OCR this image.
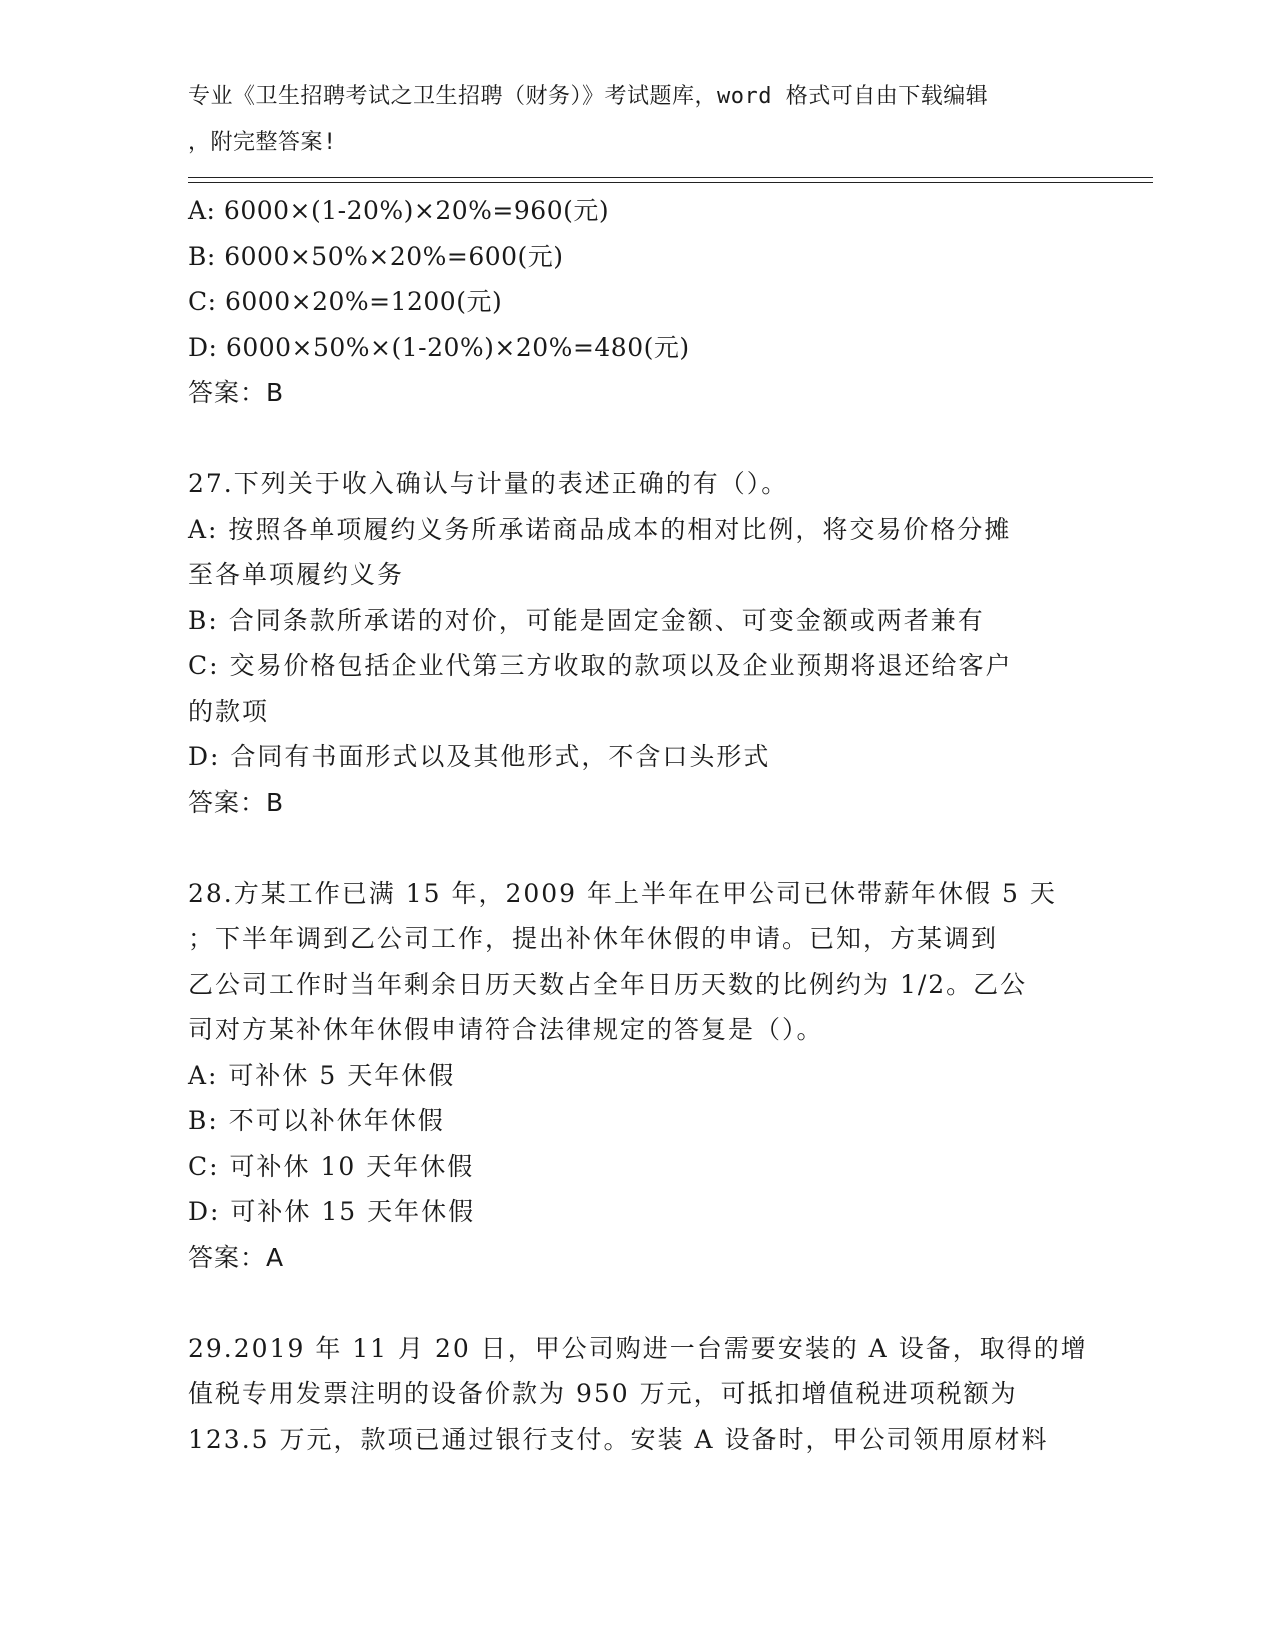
专业《卫生招聘考试之卫生招聘（财务）》考试题库，word 格式可自由下载编辑
，附完整答案!
A: 6000×(1-20%)×20%=960(元)
B: 6000×50%×20%=600(元)
C: 6000×20%=1200(元)
D: 6000×50%×(1-20%)×20%=480(元)
答案：B
27.下列关于收入确认与计量的表述正确的有（）。
A: 按照各单项履约义务所承诺商品成本的相对比例，将交易价格分摊
至各单项履约义务
B: 合同条款所承诺的对价，可能是固定金额、可变金额或两者兼有
C: 交易价格包括企业代第三方收取的款项以及企业预期将退还给客户
的款项
D: 合同有书面形式以及其他形式，不含口头形式
答案：B
28.方某工作已满 15 年，2009 年上半年在甲公司已休带薪年休假 5 天
；下半年调到乙公司工作，提出补休年休假的申请。已知，方某调到
乙公司工作时当年剩余日历天数占全年日历天数的比例约为 1/2。乙公
司对方某补休年休假申请符合法律规定的答复是（）。
A: 可补休 5 天年休假
B: 不可以补休年休假
C: 可补休 10 天年休假
D: 可补休 15 天年休假
答案：A
29.2019 年 11 月 20 日，甲公司购进一台需要安装的 A 设备，取得的增
值税专用发票注明的设备价款为 950 万元，可抵扣增值税进项税额为
123.5 万元，款项已通过银行支付。安装 A 设备时，甲公司领用原材料
